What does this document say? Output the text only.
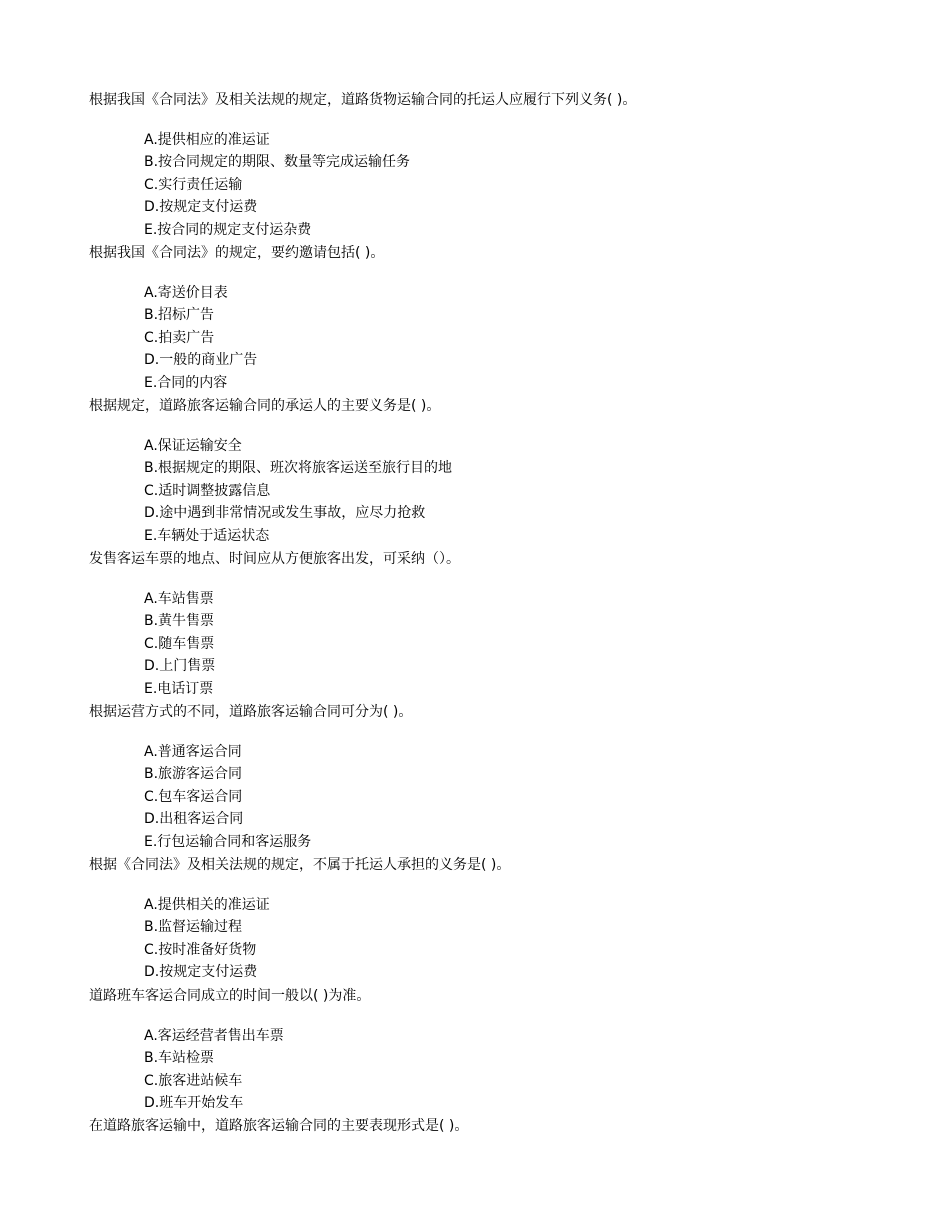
根据我国《合同法》及相关法规的规定，道路货物运输合同的托运人应履行下列义务( )。
A.提供相应的准运证
B.按合同规定的期限、数量等完成运输任务
C.实行责任运输
D.按规定支付运费
E.按合同的规定支付运杂费
根据我国《合同法》的规定，要约邀请包括( )。
A.寄送价目表
B.招标广告
C.拍卖广告
D.一般的商业广告
E.合同的内容
根据规定，道路旅客运输合同的承运人的主要义务是( )。
A.保证运输安全
B.根据规定的期限、班次将旅客运送至旅行目的地
C.适时调整披露信息
D.途中遇到非常情况或发生事故，应尽力抢救
E.车辆处于适运状态
发售客运车票的地点、时间应从方便旅客出发，可采纳（）。
A.车站售票
B.黄牛售票
C.随车售票
D.上门售票
E.电话订票
根据运营方式的不同，道路旅客运输合同可分为( )。
A.普通客运合同
B.旅游客运合同
C.包车客运合同
D.出租客运合同
E.行包运输合同和客运服务
根据《合同法》及相关法规的规定，不属于托运人承担的义务是( )。
A.提供相关的准运证
B.监督运输过程
C.按时准备好货物
D.按规定支付运费
道路班车客运合同成立的时间一般以( )为准。
A.客运经营者售出车票
B.车站检票
C.旅客进站候车
D.班车开始发车
在道路旅客运输中，道路旅客运输合同的主要表现形式是( )。
